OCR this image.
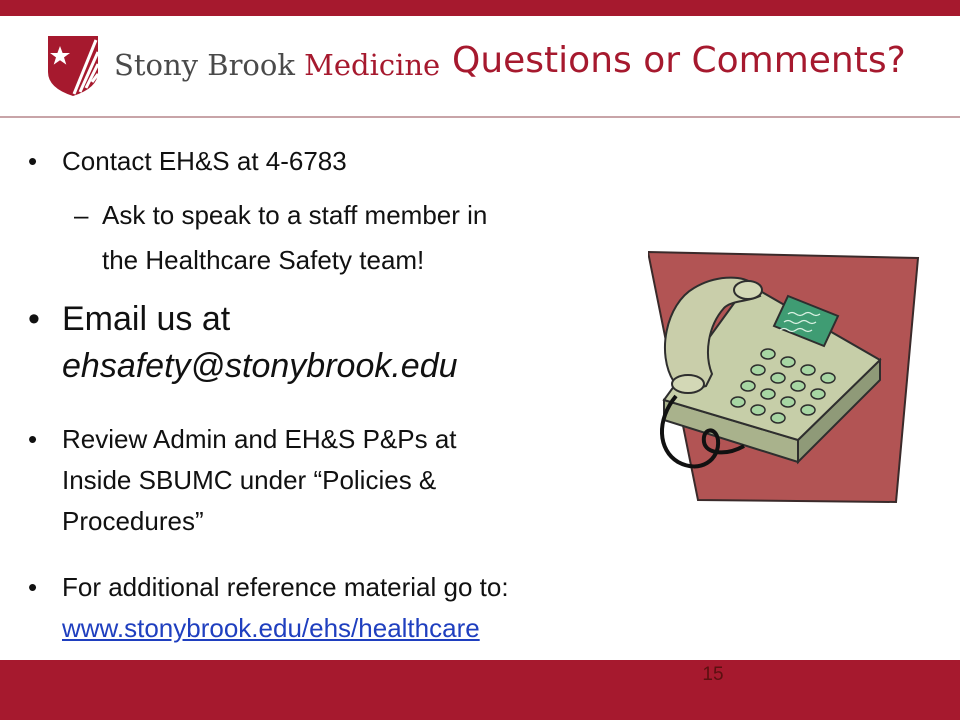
Stony Brook Medicine Questions or Comments?
• Contact EH&S at 4-6783
– Ask to speak to a staff member in
the Healthcare Safety team!
• Email us at
ehsafety@stonybrook.edu
• Review Admin and EH&S P&Ps at
Inside SBUMC under “Policies &
Procedures”
• For additional reference material go to:
www.stonybrook.edu/ehs/healthcare
15
